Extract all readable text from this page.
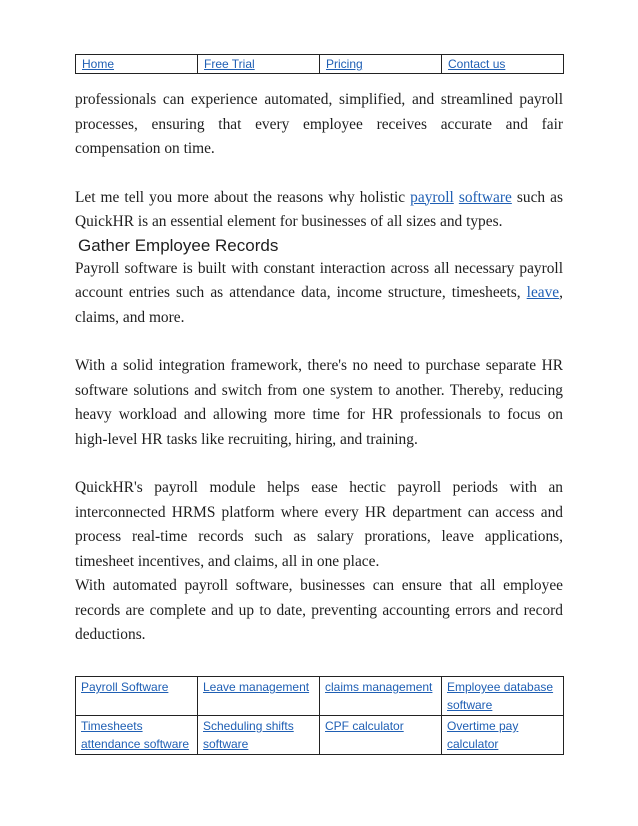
Home	Free Trial	Pricing	Contact us

professionals can experience automated, simplified, and streamlined payroll processes, ensuring that every employee receives accurate and fair compensation on time.

Let me tell you more about the reasons why holistic payroll software such as QuickHR is an essential element for businesses of all sizes and types.

Gather Employee Records

Payroll software is built with constant interaction across all necessary payroll account entries such as attendance data, income structure, timesheets, leave, claims, and more.

With a solid integration framework, there's no need to purchase separate HR software solutions and switch from one system to another. Thereby, reducing heavy workload and allowing more time for HR professionals to focus on high-level HR tasks like recruiting, hiring, and training.

QuickHR's payroll module helps ease hectic payroll periods with an interconnected HRMS platform where every HR department can access and process real-time records such as salary prorations, leave applications, timesheet incentives, and claims, all in one place.

With automated payroll software, businesses can ensure that all employee records are complete and up to date, preventing accounting errors and record deductions.

Payroll Software	Leave management	claims management	Employee database software
Timesheets attendance software	Scheduling shifts software	CPF calculator	Overtime pay calculator
